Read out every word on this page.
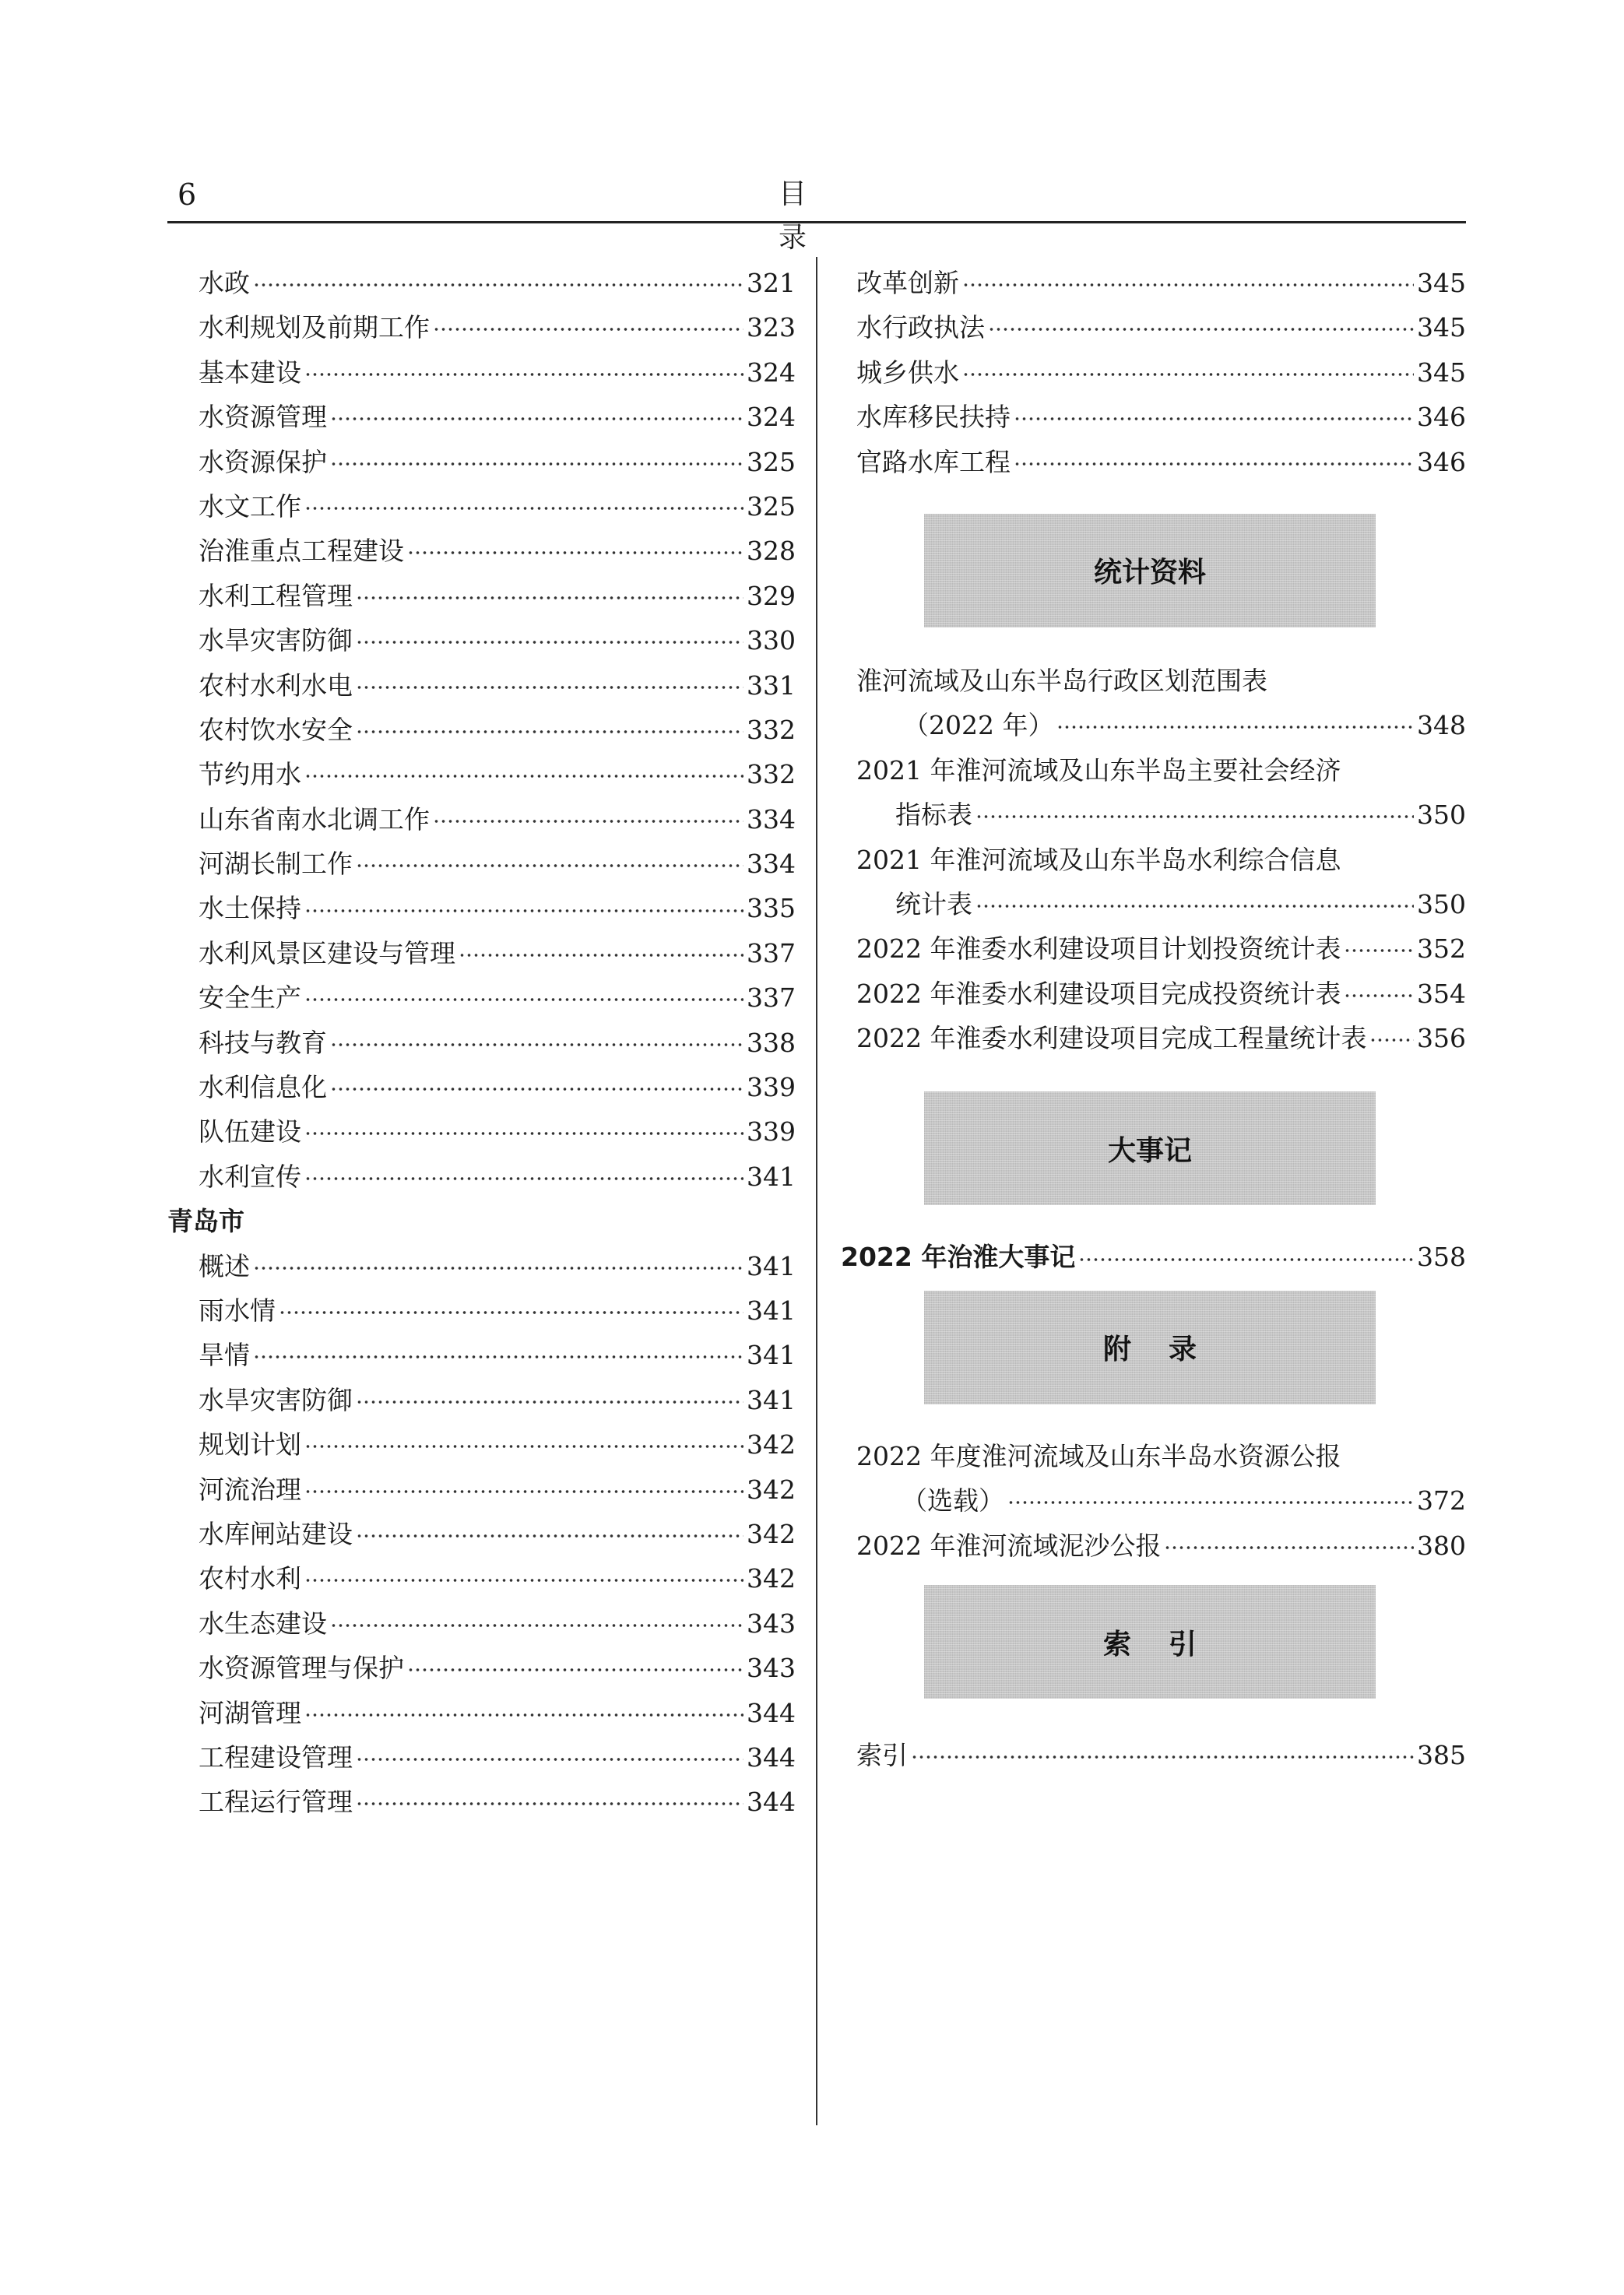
6	目 录
水政	321
水利规划及前期工作	323
基本建设	324
水资源管理	324
水资源保护	325
水文工作	325
治淮重点工程建设	328
水利工程管理	329
水旱灾害防御	330
农村水利水电	331
农村饮水安全	332
节约用水	332
山东省南水北调工作	334
河湖长制工作	334
水土保持	335
水利风景区建设与管理	337
安全生产	337
科技与教育	338
水利信息化	339
队伍建设	339
水利宣传	341
青岛市
概述	341
雨水情	341
旱情	341
水旱灾害防御	341
规划计划	342
河流治理	342
水库闸站建设	342
农村水利	342
水生态建设	343
水资源管理与保护	343
河湖管理	344
工程建设管理	344
工程运行管理	344
改革创新	345
水行政执法	345
城乡供水	345
水库移民扶持	346
官路水库工程	346
统计资料
淮河流域及山东半岛行政区划范围表
（2022 年）	348
2021 年淮河流域及山东半岛主要社会经济
指标表	350
2021 年淮河流域及山东半岛水利综合信息
统计表	350
2022 年淮委水利建设项目计划投资统计表	352
2022 年淮委水利建设项目完成投资统计表	354
2022 年淮委水利建设项目完成工程量统计表 356
大事记
2022 年治淮大事记	358
附录
2022 年度淮河流域及山东半岛水资源公报
（选载）	372
2022 年淮河流域泥沙公报	380
索引
索引	385
